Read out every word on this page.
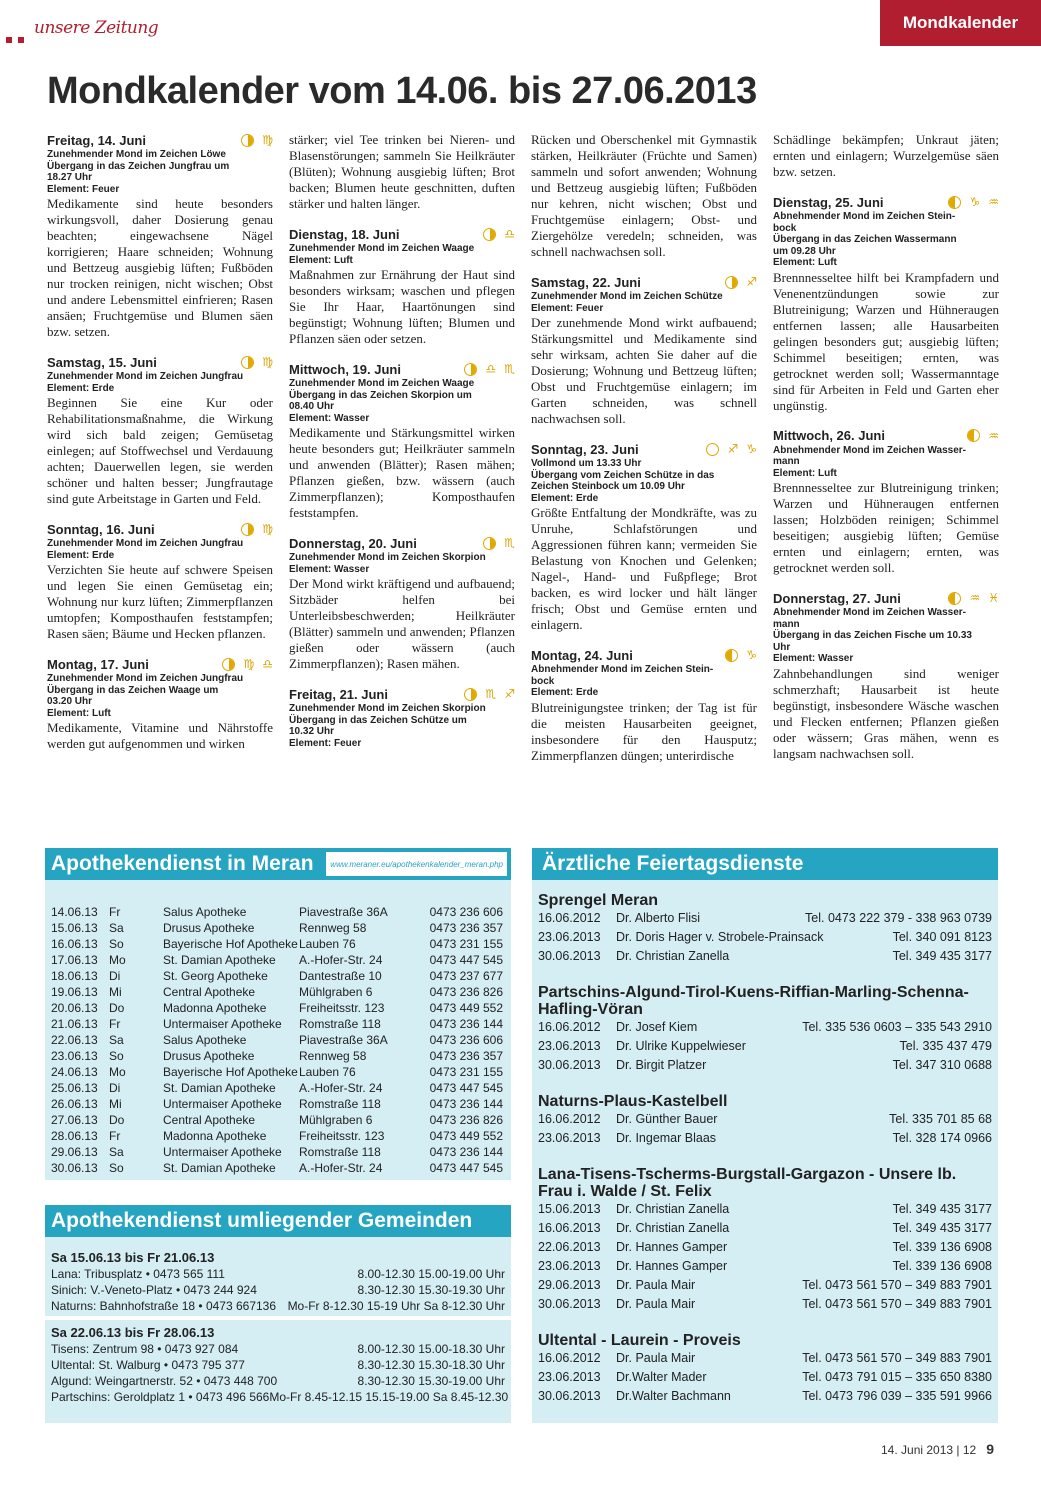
unsere Zeitung	Mondkalender
Mondkalender vom 14.06. bis 27.06.2013
Freitag, 14. Juni	♍
Zunehmender Mond im Zeichen Löwe
Übergang in das Zeichen Jungfrau um
18.27 Uhr
Element: Feuer

Medikamente sind heute besonders wirkungsvoll, daher Dosierung genau beachten; eingewachsene Nägel korrigieren; Haare schneiden; Wohnung und Bettzeug ausgiebig lüften; Fußböden nur trocken reinigen, nicht wischen; Obst und andere Lebensmittel einfrieren; Rasen ansäen; Fruchtgemüse und Blumen säen bzw. setzen.

Samstag, 15. Juni	♍
Zunehmender Mond im Zeichen Jungfrau
Element: Erde

Beginnen Sie eine Kur oder Rehabilitationsmaßnahme, die Wirkung wird sich bald zeigen; Gemüsetag einlegen; auf Stoffwechsel und Verdauung achten; Dauerwellen legen, sie werden schöner und halten besser; Jungfrautage sind gute Arbeitstage in Garten und Feld.

Sonntag, 16. Juni	♍
Zunehmender Mond im Zeichen Jungfrau
Element: Erde

Verzichten Sie heute auf schwere Speisen und legen Sie einen Gemüsetag ein; Wohnung nur kurz lüften; Zimmerpflanzen umtopfen; Komposthaufen feststampfen; Rasen säen; Bäume und Hecken pflanzen.

Montag, 17. Juni	♍ ♎
Zunehmender Mond im Zeichen Jungfrau
Übergang in das Zeichen Waage um
03.20 Uhr
Element: Luft

Medikamente, Vitamine und Nährstoffe werden gut aufgenommen und wirken

stärker; viel Tee trinken bei Nieren- und Blasenstörungen; sammeln Sie Heilkräuter (Blüten); Wohnung ausgiebig lüften; Brot backen; Blumen heute geschnitten, duften stärker und halten länger.

Dienstag, 18. Juni	♎
Zunehmender Mond im Zeichen Waage
Element: Luft

Maßnahmen zur Ernährung der Haut sind besonders wirksam; waschen und pflegen Sie Ihr Haar, Haartönungen sind begünstigt; Wohnung lüften; Blumen und Pflanzen säen oder setzen.

Mittwoch, 19. Juni	♎ ♏
Zunehmender Mond im Zeichen Waage
Übergang in das Zeichen Skorpion um
08.40 Uhr
Element: Wasser

Medikamente und Stärkungsmittel wirken heute besonders gut; Heilkräuter sammeln und anwenden (Blätter); Rasen mähen; Pflanzen gießen, bzw. wässern (auch Zimmerpflanzen); Komposthaufen feststampfen.

Donnerstag, 20. Juni	♏
Zunehmender Mond im Zeichen Skorpion
Element: Wasser

Der Mond wirkt kräftigend und aufbauend; Sitzbäder helfen bei Unterleibsbeschwerden; Heilkräuter (Blätter) sammeln und anwenden; Pflanzen gießen oder wässern (auch Zimmerpflanzen); Rasen mähen.

Freitag, 21. Juni	♏ ♐
Zunehmender Mond im Zeichen Skorpion
Übergang in das Zeichen Schütze um
10.32 Uhr
Element: Feuer

Rücken und Oberschenkel mit Gymnastik stärken, Heilkräuter (Früchte und Samen) sammeln und sofort anwenden; Wohnung und Bettzeug ausgiebig lüften; Fußböden nur kehren, nicht wischen; Obst und Fruchtgemüse einlagern; Obst- und Ziergehölze veredeln; schneiden, was schnell nachwachsen soll.

Samstag, 22. Juni	♐
Zunehmender Mond im Zeichen Schütze
Element: Feuer

Der zunehmende Mond wirkt aufbauend; Stärkungsmittel und Medikamente sind sehr wirksam, achten Sie daher auf die Dosierung; Wohnung und Bettzeug lüften; Obst und Fruchtgemüse einlagern; im Garten schneiden, was schnell nachwachsen soll.

Sonntag, 23. Juni	♐ ♑
Vollmond um 13.33 Uhr
Übergang vom Zeichen Schütze in das
Zeichen Steinbock um 10.09 Uhr
Element: Erde

Größte Entfaltung der Mondkräfte, was zu Unruhe, Schlafstörungen und Aggressionen führen kann; vermeiden Sie Belastung von Knochen und Gelenken; Nagel-, Hand- und Fußpflege; Brot backen, es wird locker und hält länger frisch; Obst und Gemüse ernten und einlagern.

Montag, 24. Juni	♑
Abnehmender Mond im Zeichen Stein-
bock
Element: Erde

Blutreinigungstee trinken; der Tag ist für die meisten Hausarbeiten geeignet, insbesondere für den Hausputz; Zimmerpflanzen düngen; unterirdische

Schädlinge bekämpfen; Unkraut jäten; ernten und einlagern; Wurzelgemüse säen bzw. setzen.

Dienstag, 25. Juni	♑ ♒
Abnehmender Mond im Zeichen Stein-
bock
Übergang in das Zeichen Wassermann
um 09.28 Uhr
Element: Luft

Brennnesseltee hilft bei Krampfadern und Venenentzündungen sowie zur Blutreinigung; Warzen und Hühneraugen entfernen lassen; alle Hausarbeiten gelingen besonders gut; ausgiebig lüften; Schimmel beseitigen; ernten, was getrocknet werden soll; Wassermanntage sind für Arbeiten in Feld und Garten eher ungünstig.

Mittwoch, 26. Juni	♒
Abnehmender Mond im Zeichen Wasser-
mann
Element: Luft

Brennnesseltee zur Blutreinigung trinken; Warzen und Hühneraugen entfernen lassen; Holzböden reinigen; Schimmel beseitigen; ausgiebig lüften; Gemüse ernten und einlagern; ernten, was getrocknet werden soll.

Donnerstag, 27. Juni	♒ ♓
Abnehmender Mond im Zeichen Wasser-
mann
Übergang in das Zeichen Fische um 10.33
Uhr
Element: Wasser

Zahnbehandlungen sind weniger schmerzhaft; Hausarbeit ist heute begünstigt, insbesondere Wäsche waschen und Flecken entfernen; Pflanzen gießen oder wässern; Gras mähen, wenn es langsam nachwachsen soll.

Apothekendienst in Meran	www.meraner.eu/apothekenkalender_meran.php
14.06.13 Fr	Salus Apotheke	Piavestraße 36A	0473 236 606
15.06.13 Sa	Drusus Apotheke	Rennweg 58	0473 236 357
16.06.13 So	Bayerische Hof Apotheke Lauben 76	0473 231 155
17.06.13 Mo	St. Damian Apotheke A.-Hofer-Str. 24	0473 447 545
18.06.13 Di	St. Georg Apotheke	Dantestraße 10	0473 237 677
19.06.13 Mi	Central Apotheke	Mühlgraben 6	0473 236 826
20.06.13 Do	Madonna Apotheke	Freiheitsstr. 123	0473 449 552
21.06.13 Fr	Untermaiser Apotheke Romstraße 118	0473 236 144
22.06.13 Sa	Salus Apotheke	Piavestraße 36A	0473 236 606
23.06.13 So	Drusus Apotheke	Rennweg 58	0473 236 357
24.06.13 Mo	Bayerische Hof Apotheke Lauben 76	0473 231 155
25.06.13 Di	St. Damian Apotheke A.-Hofer-Str. 24	0473 447 545
26.06.13 Mi	Untermaiser Apotheke Romstraße 118	0473 236 144
27.06.13 Do	Central Apotheke	Mühlgraben 6	0473 236 826
28.06.13 Fr	Madonna Apotheke	Freiheitsstr. 123	0473 449 552
29.06.13 Sa	Untermaiser Apotheke Romstraße 118	0473 236 144
30.06.13 So	St. Damian Apotheke A.-Hofer-Str. 24	0473 447 545
Apothekendienst umliegender Gemeinden
Sa 15.06.13 bis Fr 21.06.13
Lana: Tribusplatz • 0473 565 111	8.00-12.30 15.00-19.00 Uhr
Sinich: V.-Veneto-Platz • 0473 244 924	8.30-12.30 15.30-19.30 Uhr
Naturns: Bahnhofstraße 18 • 0473 667136 Mo-Fr 8-12.30 15-19 Uhr Sa 8-12.30 Uhr
Sa 22.06.13 bis Fr 28.06.13
Tisens: Zentrum 98 • 0473 927 084	8.00-12.30 15.00-18.30 Uhr
Ultental: St. Walburg • 0473 795 377	8.30-12.30 15.30-18.30 Uhr
Algund: Weingartnerstr. 52 • 0473 448 700	8.30-12.30 15.30-19.00 Uhr
Partschins: Geroldplatz 1 • 0473 496 566 Mo-Fr 8.45-12.15 15.15-19.00 Sa 8.45-12.30
Ärztliche Feiertagsdienste
Sprengel Meran
16.06.2012 Dr. Alberto Flisi	Tel. 0473 222 379 - 338 963 0739
23.06.2013 Dr. Doris Hager v. Strobele-Prainsack	Tel. 340 091 8123
30.06.2013 Dr. Christian Zanella	Tel. 349 435 3177
Partschins-Algund-Tirol-Kuens-Riffian-Marling-Schenna-Hafling-Vöran
16.06.2012 Dr. Josef Kiem	Tel. 335 536 0603 – 335 543 2910
23.06.2013 Dr. Ulrike Kuppelwieser	Tel. 335 437 479
30.06.2013 Dr. Birgit Platzer	Tel. 347 310 0688
Naturns-Plaus-Kastelbell
16.06.2012 Dr. Günther Bauer	Tel. 335 701 85 68
23.06.2013 Dr. Ingemar Blaas	Tel. 328 174 0966
Lana-Tisens-Tscherms-Burgstall-Gargazon - Unsere lb. Frau i. Walde / St. Felix
15.06.2013 Dr. Christian Zanella	Tel. 349 435 3177
16.06.2013 Dr. Christian Zanella	Tel. 349 435 3177
22.06.2013 Dr. Hannes Gamper	Tel. 339 136 6908
23.06.2013 Dr. Hannes Gamper	Tel. 339 136 6908
29.06.2013 Dr. Paula Mair	Tel. 0473 561 570 – 349 883 7901
30.06.2013 Dr. Paula Mair	Tel. 0473 561 570 – 349 883 7901
Ultental - Laurein - Proveis
16.06.2012 Dr. Paula Mair	Tel. 0473 561 570 – 349 883 7901
23.06.2013 Dr.Walter Mader	Tel. 0473 791 015 – 335 650 8380
30.06.2013 Dr.Walter Bachmann	Tel. 0473 796 039 – 335 591 9966
14. Juni 2013 | 12 9
